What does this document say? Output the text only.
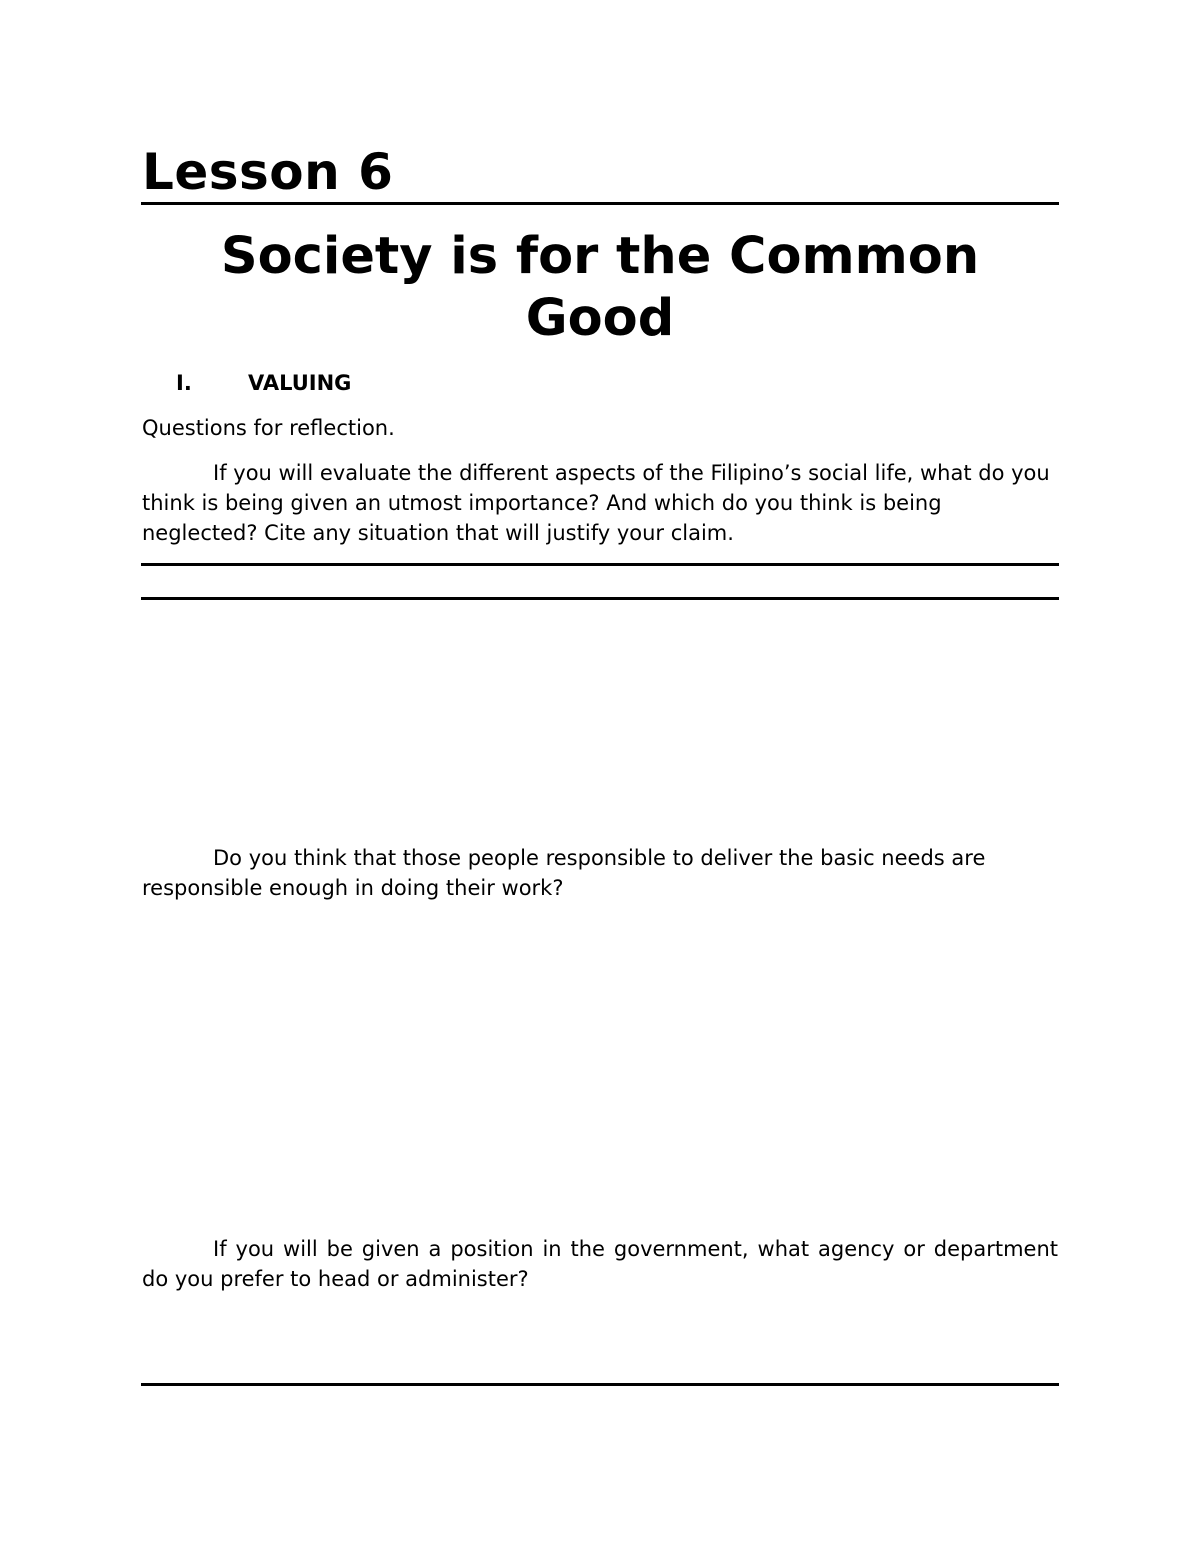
Lesson 6
Society is for the Common
Good
I.	VALUING
Questions for reflection.
If you will evaluate the different aspects of the Filipino’s social life, what do you think is being given an utmost importance? And which do you think is being neglected? Cite any situation that will justify your claim.
Do you think that those people responsible to deliver the basic needs are responsible enough in doing their work?
If you will be given a position in the government, what agency or department do you prefer to head or administer?
